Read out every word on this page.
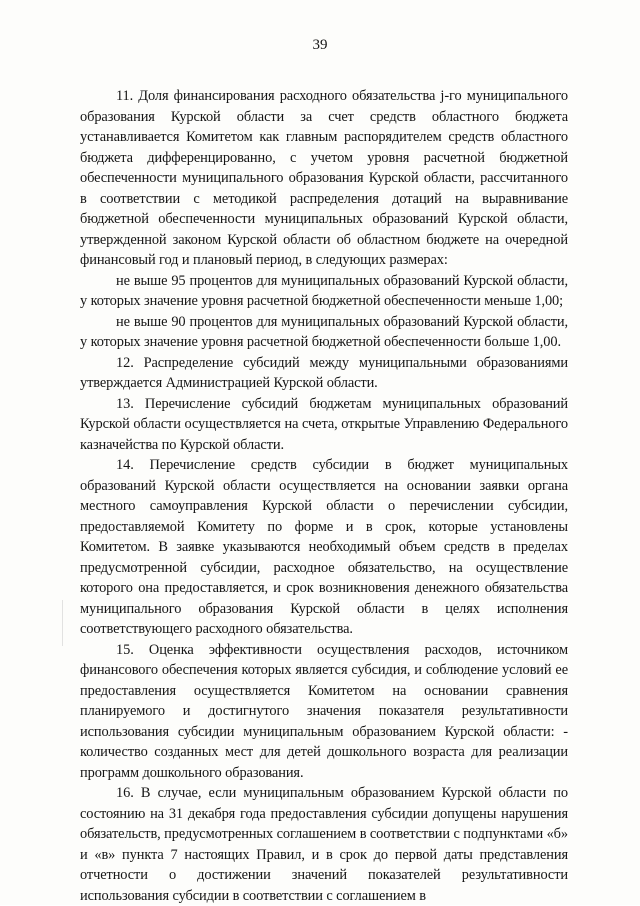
39

11. Доля финансирования расходного обязательства j-го муниципального образования Курской области за счет средств областного бюджета устанавливается Комитетом как главным распорядителем средств областного бюджета дифференцированно, с учетом уровня расчетной бюджетной обеспеченности муниципального образования Курской области, рассчитанного в соответствии с методикой распределения дотаций на выравнивание бюджетной обеспеченности муниципальных образований Курской области, утвержденной законом Курской области об областном бюджете на очередной финансовый год и плановый период, в следующих размерах:

не выше 95 процентов для муниципальных образований Курской области, у которых значение уровня расчетной бюджетной обеспеченности меньше 1,00;

не выше 90 процентов для муниципальных образований Курской области, у которых значение уровня расчетной бюджетной обеспеченности больше 1,00.

12. Распределение субсидий между муниципальными образованиями утверждается Администрацией Курской области.

13. Перечисление субсидий бюджетам муниципальных образований Курской области осуществляется на счета, открытые Управлению Федерального казначейства по Курской области.

14. Перечисление средств субсидии в бюджет муниципальных образований Курской области осуществляется на основании заявки органа местного самоуправления Курской области о перечислении субсидии, предоставляемой Комитету по форме и в срок, которые установлены Комитетом. В заявке указываются необходимый объем средств в пределах предусмотренной субсидии, расходное обязательство, на осуществление которого она предоставляется, и срок возникновения денежного обязательства муниципального образования Курской области в целях исполнения соответствующего расходного обязательства.

15. Оценка эффективности осуществления расходов, источником финансового обеспечения которых является субсидия, и соблюдение условий ее предоставления осуществляется Комитетом на основании сравнения планируемого и достигнутого значения показателя результативности использования субсидии муниципальным образованием Курской области: - количество созданных мест для детей дошкольного возраста для реализации программ дошкольного образования.

16. В случае, если муниципальным образованием Курской области по состоянию на 31 декабря года предоставления субсидии допущены нарушения обязательств, предусмотренных соглашением в соответствии с подпунктами «б» и «в» пункта 7 настоящих Правил, и в срок до первой даты представления отчетности о достижении значений показателей результативности использования субсидии в соответствии с соглашением в
